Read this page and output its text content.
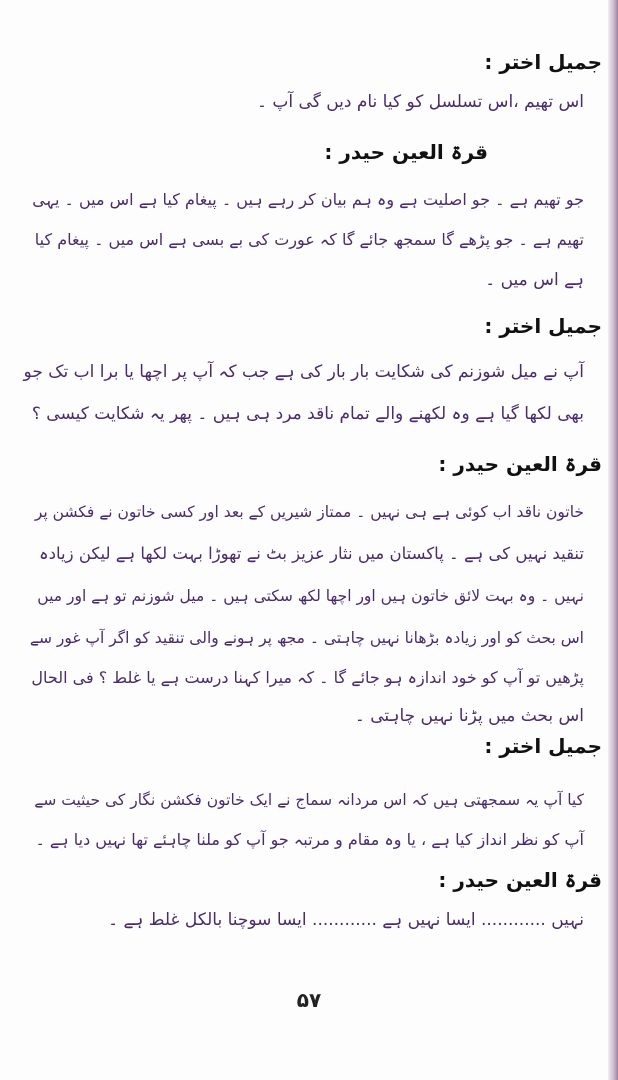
جمیل اختر :
اس تھیم ،اس تسلسل کو کیا نام دیں گی آپ ۔
قرۃ العین حیدر :
جو تھیم ہے ۔ جو اصلیت ہے وہ ہم بیان کر رہے ہیں ۔ پیغام کیا ہے اس میں ۔ یہی
تھیم ہے ۔ جو پڑھے گا سمجھ جائے گا کہ عورت کی بے بسی ہے اس میں ۔ پیغام کیا
ہے اس میں ۔
جمیل اختر :
آپ نے میل شوزنم کی شکایت بار بار کی ہے جب کہ آپ پر اچھا یا برا اب تک جو
بھی لکھا گیا ہے وہ لکھنے والے تمام ناقد مرد ہی ہیں ۔ پھر یہ شکایت کیسی ؟
قرۃ العین حیدر :
خاتون ناقد اب کوئی ہے ہی نہیں ۔ ممتاز شیریں کے بعد اور کسی خاتون نے فکشن پر
تنقید نہیں کی ہے ۔ پاکستان میں نثار عزیز بٹ نے تھوڑا بہت لکھا ہے لیکن زیادہ
نہیں ۔ وہ بہت لائق خاتون ہیں اور اچھا لکھ سکتی ہیں ۔ میل شوزنم تو ہے اور میں
اس بحث کو اور زیادہ بڑھانا نہیں چاہتی ۔ مجھ پر ہونے والی تنقید کو اگر آپ غور سے
پڑھیں تو آپ کو خود اندازہ ہو جائے گا ۔ کہ میرا کہنا درست ہے یا غلط ؟ فی الحال
اس بحث میں پڑنا نہیں چاہتی ۔
جمیل اختر :
کیا آپ یہ سمجھتی ہیں کہ اس مردانہ سماج نے ایک خاتون فکشن نگار کی حیثیت سے
آپ کو نظر انداز کیا ہے ، یا وہ مقام و مرتبہ جو آپ کو ملنا چاہئے تھا نہیں دیا ہے ۔
قرۃ العین حیدر :
نہیں ............ ایسا نہیں ہے ............ ایسا سوچنا بالکل غلط ہے ۔
۵۷
